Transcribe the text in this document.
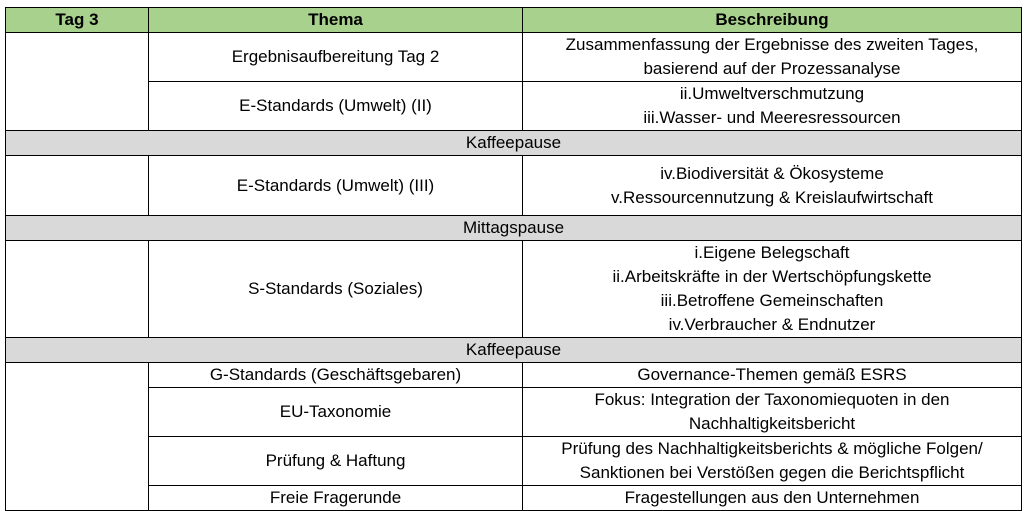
Tag 3	Thema	Beschreibung
	Ergebnisaufbereitung Tag 2	Zusammenfassung der Ergebnisse des zweiten Tages,
basierend auf der Prozessanalyse

	E-Standards (Umwelt) (II)	ii.Umweltverschmutzung
iii.Wasser- und Meeresressourcen

Kaffeepause		
	E-Standards (Umwelt) (III)	iv.Biodiversität & Ökosysteme
v.Ressourcennutzung & Kreislaufwirtschaft

Mittagspause		
	S-Standards (Soziales)	i.Eigene Belegschaft
ii.Arbeitskräfte in der Wertschöpfungskette
iii.Betroffene Gemeinschaften
iv.Verbraucher & Endnutzer

Kaffeepause		
	G-Standards (Geschäftsgebaren)	Governance-Themen gemäß ESRS

	EU-Taxonomie	Fokus: Integration der Taxonomiequoten in den
Nachhaltigkeitsbericht

	Prüfung & Haftung	Prüfung des Nachhaltigkeitsberichts & mögliche Folgen/
Sanktionen bei Verstößen gegen die Berichtspflicht

	Freie Fragerunde	Fragestellungen aus den Unternehmen
